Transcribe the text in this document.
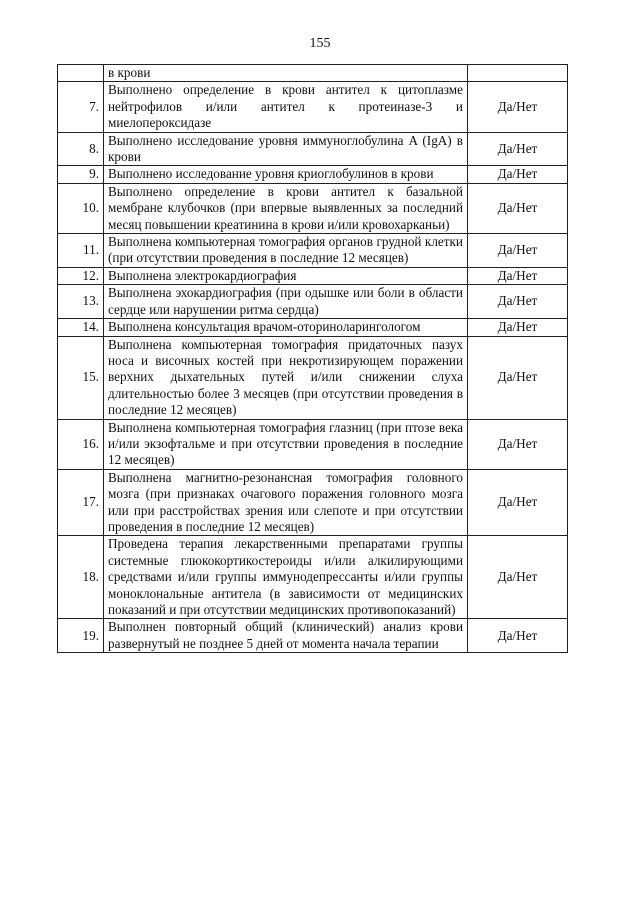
155
	в крови	
7.	Выполнено определение в крови антител к цитоплазме нейтрофилов и/или антител к протеиназе-3 и миелопероксидазе	Да/Нет
8.	Выполнено исследование уровня иммуноглобулина A (IgA) в крови	Да/Нет
9.	Выполнено исследование уровня криоглобулинов в крови	Да/Нет
10.	Выполнено определение в крови антител к базальной мембране клубочков (при впервые выявленных за последний месяц повышении креатинина в крови и/или кровохарканьи)	Да/Нет
11.	Выполнена компьютерная томография органов грудной клетки (при отсутствии проведения в последние 12 месяцев)	Да/Нет
12.	Выполнена электрокардиография	Да/Нет
13.	Выполнена эхокардиография (при одышке или боли в области сердце или нарушении ритма сердца)	Да/Нет
14.	Выполнена консультация врачом-оториноларингологом	Да/Нет
15.	Выполнена компьютерная томография придаточных пазух носа и височных костей при некротизирующем поражении верхних дыхательных путей и/или снижении слуха длительностью более 3 месяцев (при отсутствии проведения в последние 12 месяцев)	Да/Нет
16.	Выполнена компьютерная томография глазниц (при птозе века и/или экзофтальме и при отсутствии проведения в последние 12 месяцев)	Да/Нет
17.	Выполнена магнитно-резонансная томография головного мозга (при признаках очагового поражения головного мозга или при расстройствах зрения или слепоте и при отсутствии проведения в последние 12 месяцев)	Да/Нет
18.	Проведена терапия лекарственными препаратами группы системные глюкокортикостероиды и/или алкилирующими средствами и/или группы иммунодепрессанты и/или группы моноклональные антитела (в зависимости от медицинских показаний и при отсутствии медицинских противопоказаний)	Да/Нет
19.	Выполнен повторный общий (клинический) анализ крови развернутый не позднее 5 дней от момента начала терапии	Да/Нет
